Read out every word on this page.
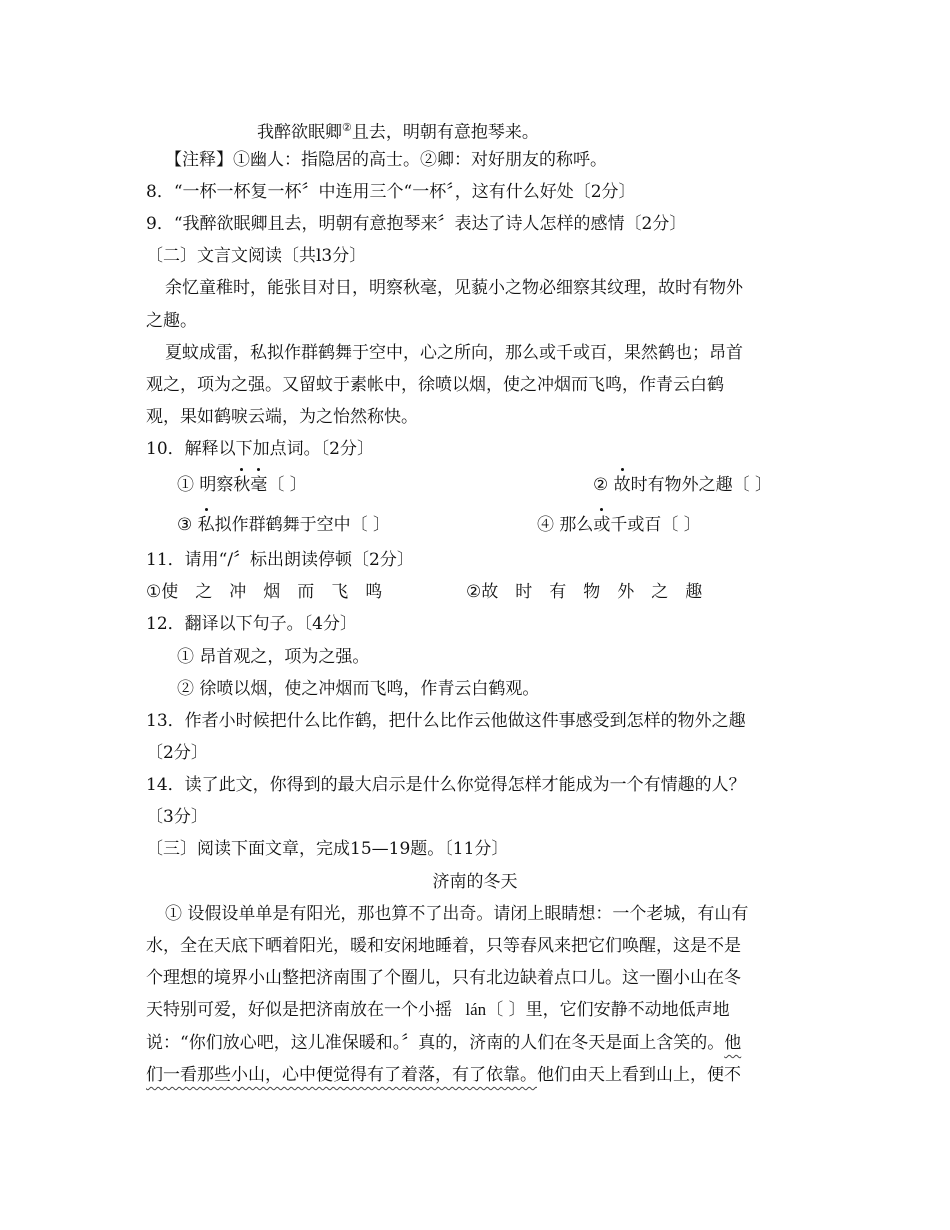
我醉欲眠卿②且去，明朝有意抱琴来。
【注释】①幽人：指隐居的高士。②卿：对好朋友的称呼。
8．“一杯一杯复一杯〞中连用三个“一杯〞，这有什么好处〔2分〕
9．“我醉欲眠卿且去，明朝有意抱琴来〞表达了诗人怎样的感情〔2分〕
〔二〕文言文阅读〔共l3分〕
余忆童稚时，能张目对日，明察秋毫，见藐小之物必细察其纹理，故时有物外
之趣。
夏蚊成雷，私拟作群鹤舞于空中，心之所向，那么或千或百，果然鹤也；昂首
观之，项为之强。又留蚊于素帐中，徐喷以烟，使之冲烟而飞鸣，作青云白鹤
观，果如鹤唳云端，为之怡然称快。
10．解释以下加点词。〔2分〕
① 明察秋毫〔 〕	② 故时有物外之趣〔 〕
③ 私拟作群鹤舞于空中〔 〕	④ 那么或千或百〔 〕
11．请用“/〞标出朗读停顿〔2分〕
①使 之 冲 烟 而 飞 鸣	②故 时 有 物 外 之 趣
12．翻译以下句子。〔4分〕
① 昂首观之，项为之强。
② 徐喷以烟，使之冲烟而飞鸣，作青云白鹤观。
13．作者小时候把什么比作鹤，把什么比作云他做这件事感受到怎样的物外之趣
〔2分〕
14．读了此文，你得到的最大启示是什么你觉得怎样才能成为一个有情趣的人？
〔3分〕
〔三〕阅读下面文章，完成15—19题。〔11分〕
济南的冬天
① 设假设单单是有阳光，那也算不了出奇。请闭上眼睛想：一个老城，有山有
水，全在天底下晒着阳光，暖和安闲地睡着，只等春风来把它们唤醒，这是不是
个理想的境界小山整把济南围了个圈儿，只有北边缺着点口儿。这一圈小山在冬
天特别可爱，好似是把济南放在一个小摇 lán〔 〕里，它们安静不动地低声地
说：“你们放心吧，这儿准保暖和。〞真的，济南的人们在冬天是面上含笑的。他
们一看那些小山，心中便觉得有了着落，有了依靠。他们由天上看到山上，便不
